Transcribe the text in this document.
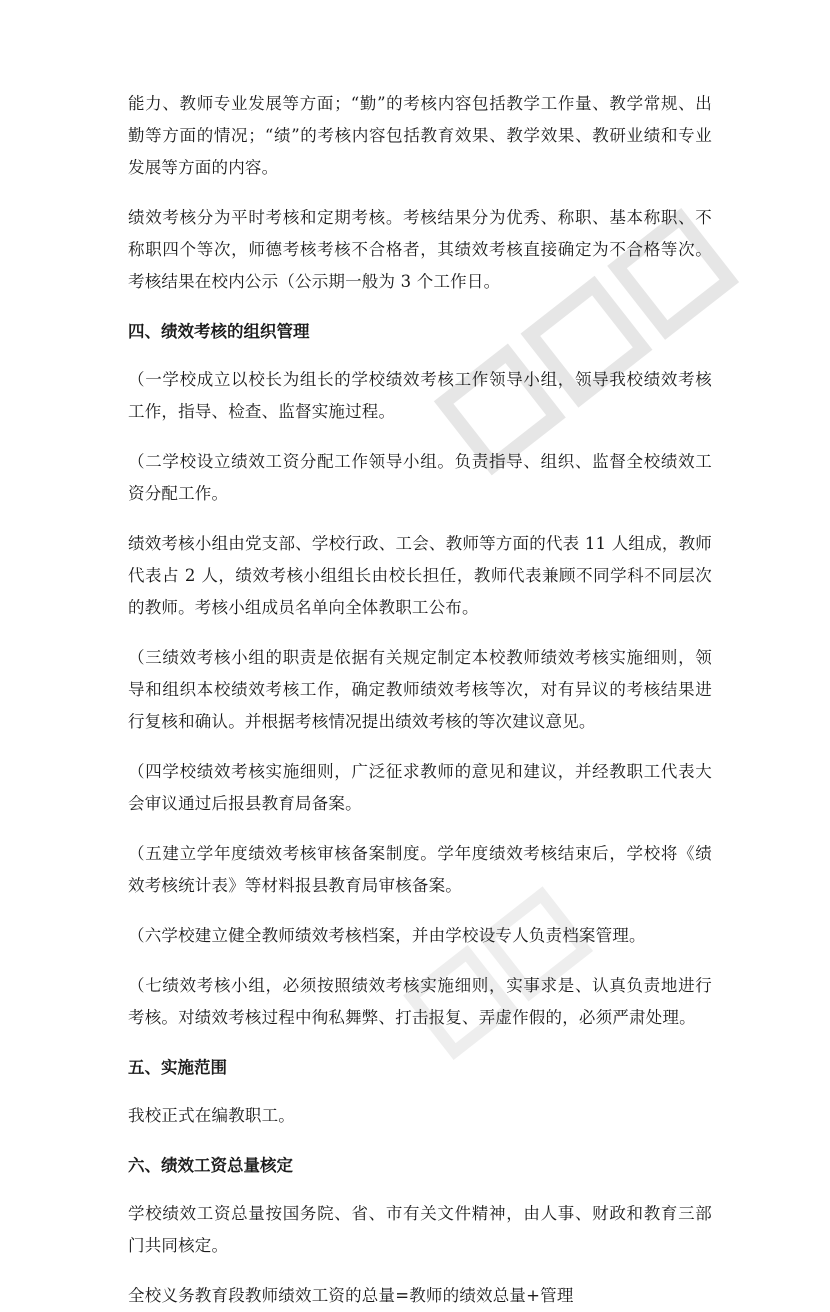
能力、教师专业发展等方面；“勤”的考核内容包括教学工作量、教学常规、出勤等方面的情况；“绩”的考核内容包括教育效果、教学效果、教研业绩和专业发展等方面的内容。

绩效考核分为平时考核和定期考核。考核结果分为优秀、称职、基本称职、不称职四个等次，师德考核考核不合格者，其绩效考核直接确定为不合格等次。考核结果在校内公示（公示期一般为 3 个工作日。

四、绩效考核的组织管理

（一学校成立以校长为组长的学校绩效考核工作领导小组，领导我校绩效考核工作，指导、检查、监督实施过程。

（二学校设立绩效工资分配工作领导小组。负责指导、组织、监督全校绩效工资分配工作。

绩效考核小组由党支部、学校行政、工会、教师等方面的代表 11 人组成，教师代表占 2 人，绩效考核小组组长由校长担任，教师代表兼顾不同学科不同层次的教师。考核小组成员名单向全体教职工公布。

（三绩效考核小组的职责是依据有关规定制定本校教师绩效考核实施细则，领导和组织本校绩效考核工作，确定教师绩效考核等次，对有异议的考核结果进行复核和确认。并根据考核情况提出绩效考核的等次建议意见。

（四学校绩效考核实施细则，广泛征求教师的意见和建议，并经教职工代表大会审议通过后报县教育局备案。

（五建立学年度绩效考核审核备案制度。学年度绩效考核结束后，学校将《绩效考核统计表》等材料报县教育局审核备案。

（六学校建立健全教师绩效考核档案，并由学校设专人负责档案管理。

（七绩效考核小组，必须按照绩效考核实施细则，实事求是、认真负责地进行考核。对绩效考核过程中徇私舞弊、打击报复、弄虚作假的，必须严肃处理。

五、实施范围

我校正式在编教职工。

六、绩效工资总量核定

学校绩效工资总量按国务院、省、市有关文件精神，由人事、财政和教育三部门共同核定。

全校义务教育段教师绩效工资的总量=教师的绩效总量+管理
